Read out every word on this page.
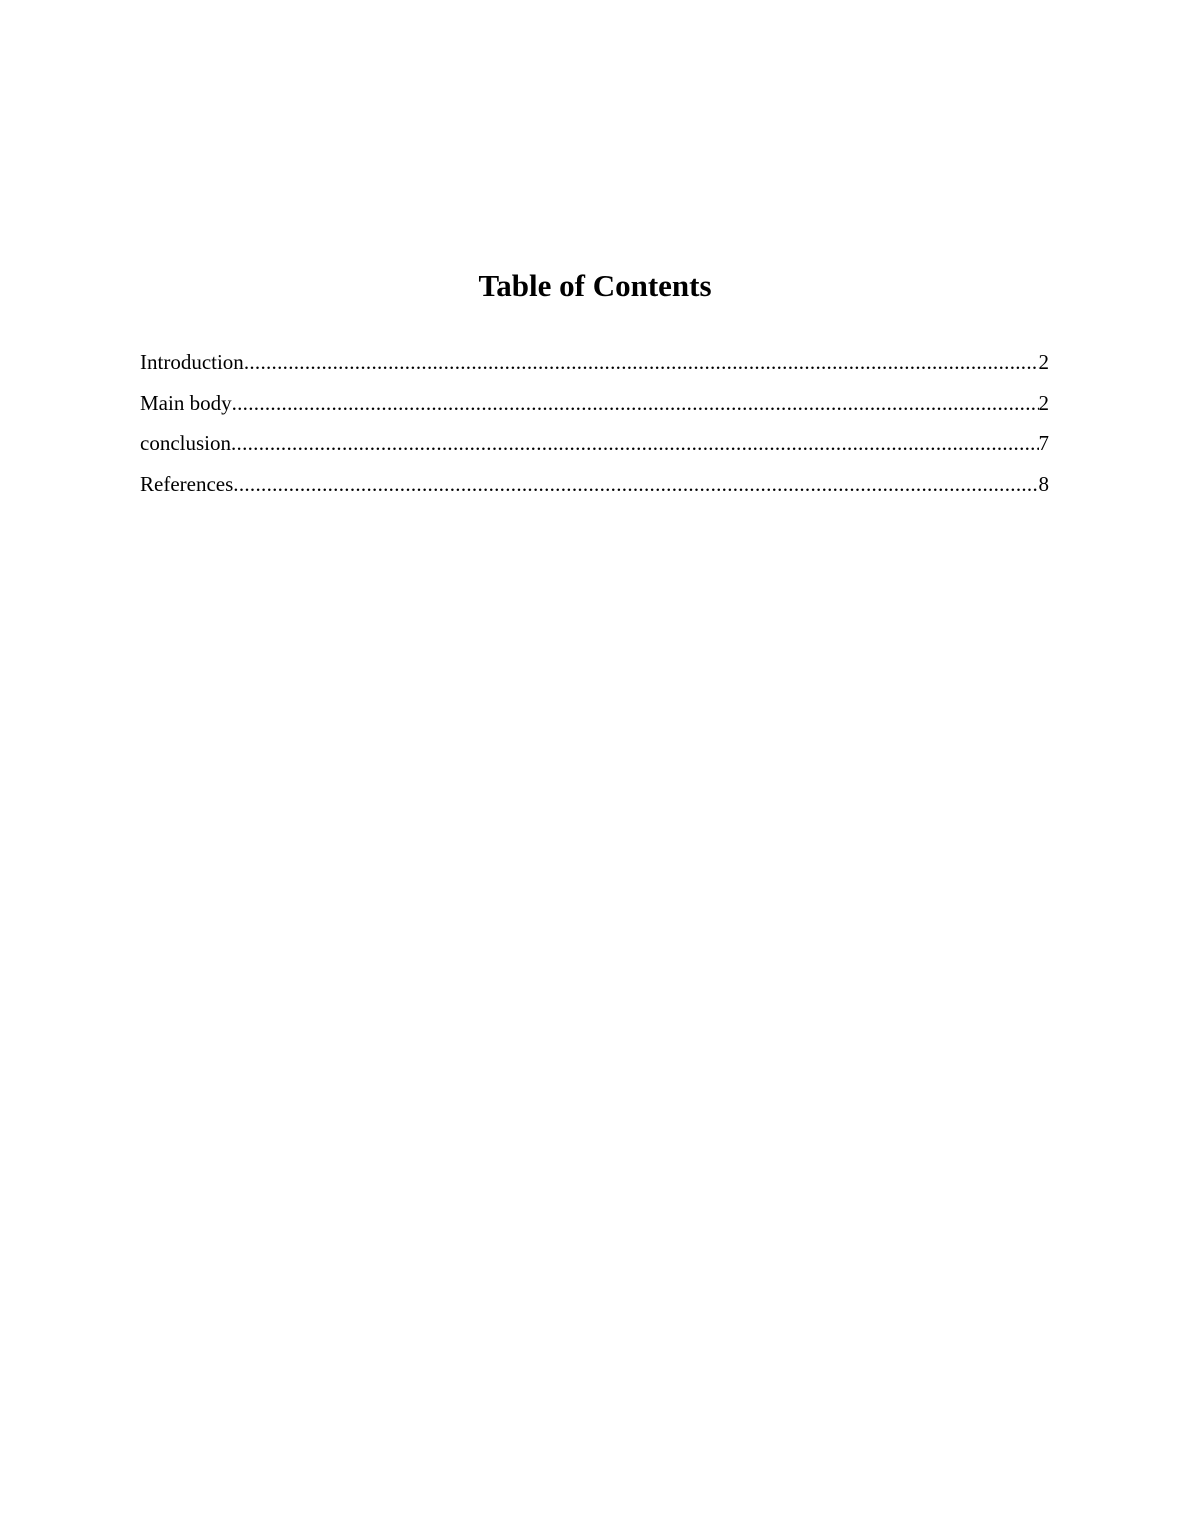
Table of Contents
Introduction .....	2
Main body .....	2
conclusion .....	7
References .....	8
